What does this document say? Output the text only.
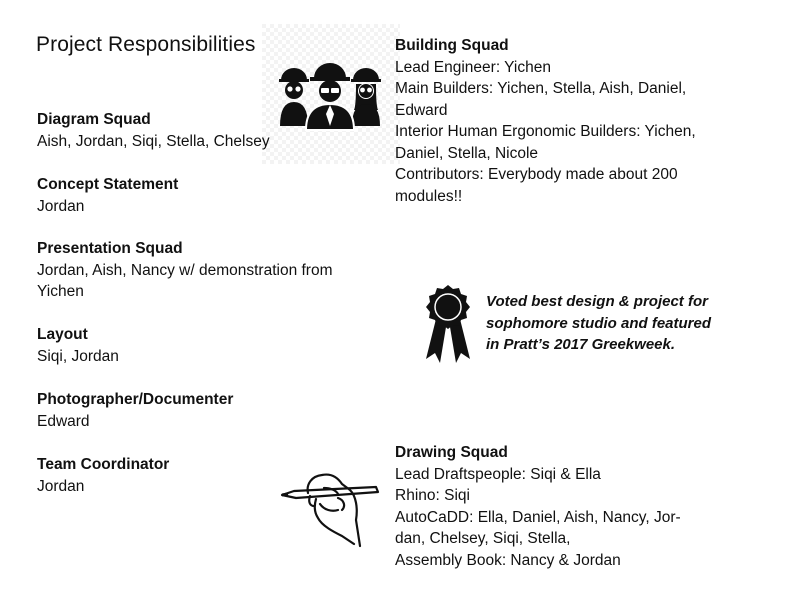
Project Responsibilities
Diagram Squad
Aish, Jordan, Siqi, Stella, Chelsey
Concept Statement
Jordan
Presentation Squad
Jordan, Aish, Nancy w/ demonstration from
Yichen
Layout
Siqi, Jordan
Photographer/Documenter
Edward
Team Coordinator
Jordan
Building Squad
Lead Engineer: Yichen
Main Builders: Yichen, Stella, Aish, Daniel,
Edward
Interior Human Ergonomic Builders: Yichen,
Daniel, Stella, Nicole
Contributors: Everybody made about 200
modules!!
Voted best design & project for
sophomore studio and featured
in Pratt’s 2017 Greekweek.
Drawing Squad
Lead Draftspeople: Siqi & Ella
Rhino: Siqi
AutoCaDD: Ella, Daniel, Aish, Nancy, Jor-
dan, Chelsey, Siqi, Stella,
Assembly Book: Nancy & Jordan
